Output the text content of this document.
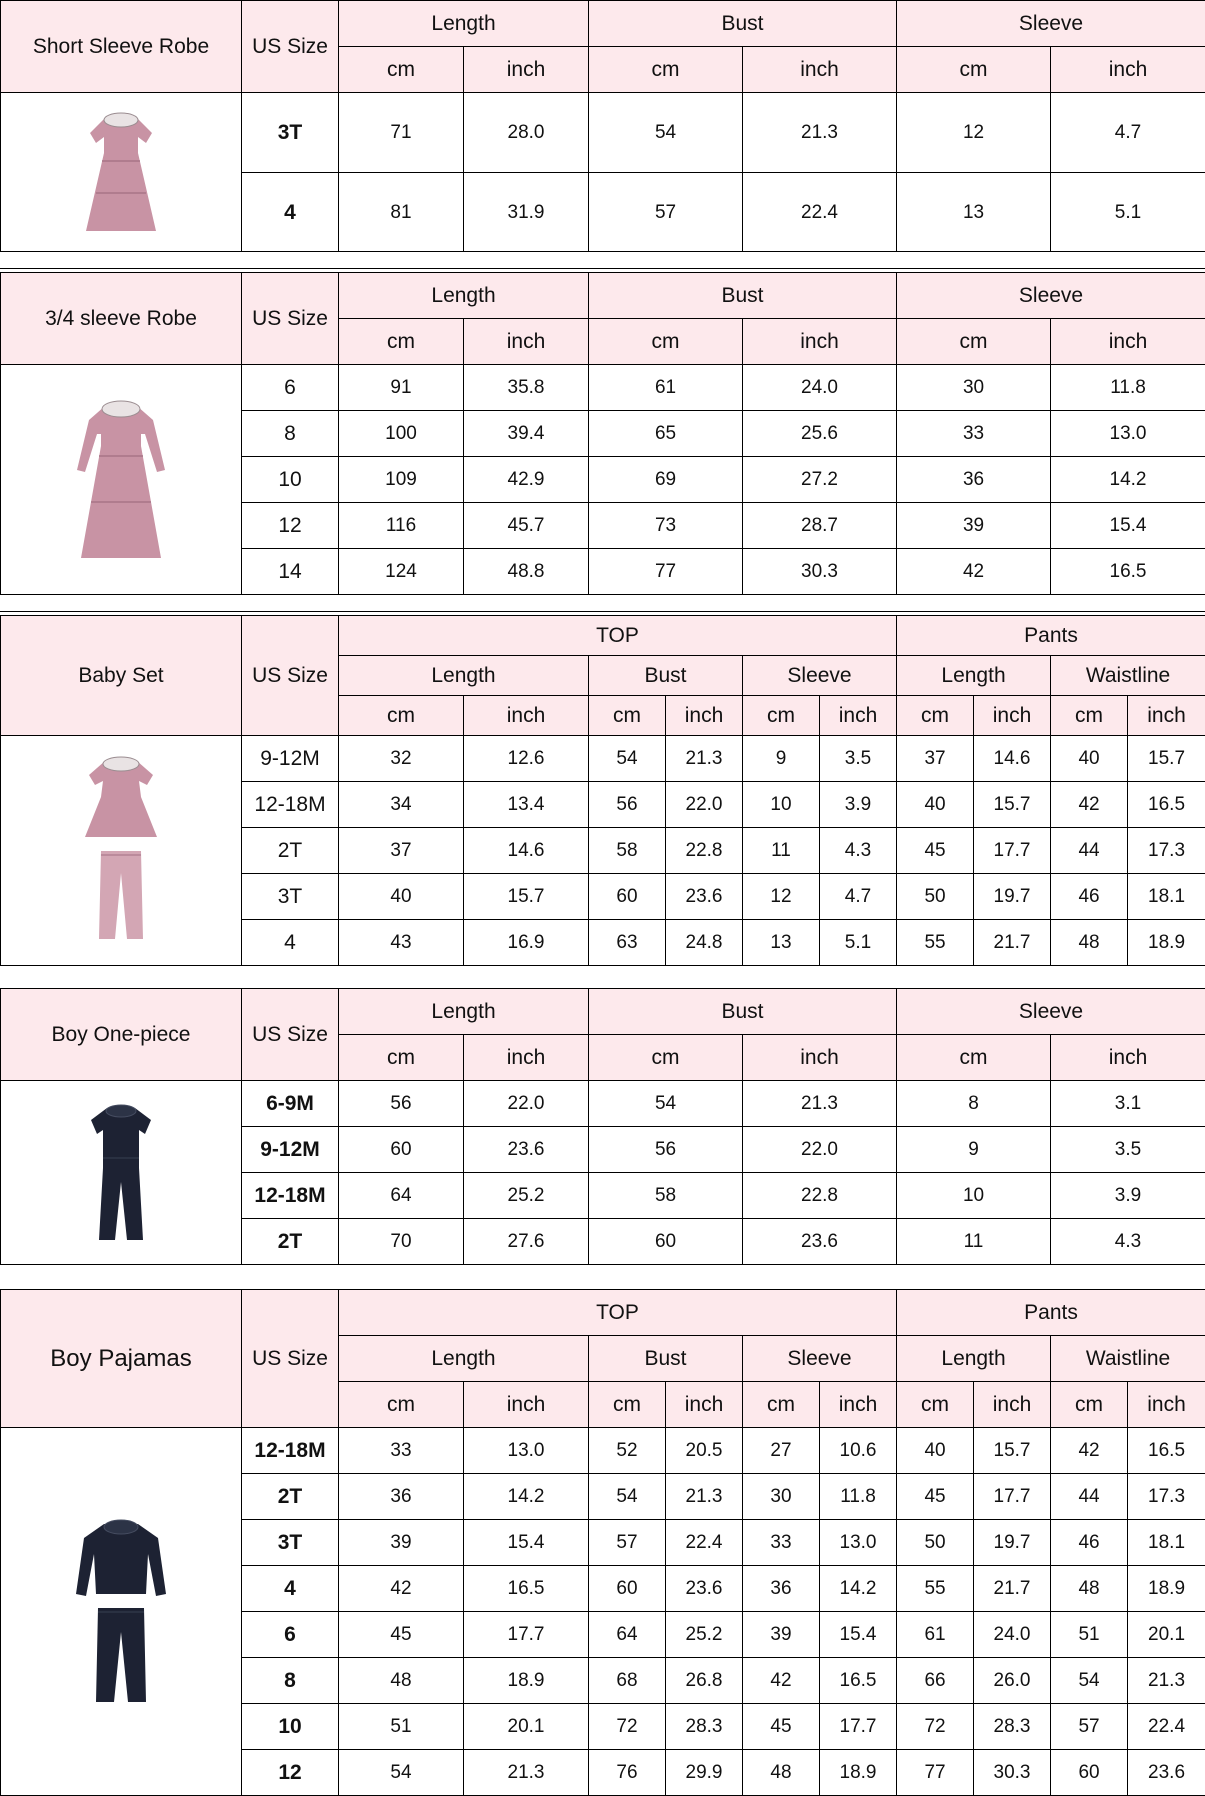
Short Sleeve Robe	US Size	Length		Bust		Sleeve	
		cm	inch	cm	inch	cm	inch

	3T	71	28.0	54	21.3	12	4.7
	4	81	31.9	57	22.4	13	5.1
3/4 sleeve Robe	US Size	Length		Bust		Sleeve	
		cm	inch	cm	inch	cm	inch

	6	91	35.8	61	24.0	30	11.8
	8	100	39.4	65	25.6	33	13.0
	10	109	42.9	69	27.2	36	14.2
	12	116	45.7	73	28.7	39	15.4
	14	124	48.8	77	30.3	42	16.5
Baby Set	US Size	TOP						Pants			
		Length		Bust		Sleeve		Length		Waistline	
		cm	inch	cm	inch	cm	inch	cm	inch	cm	inch

	9-12M	32	12.6	54	21.3	9	3.5	37	14.6	40	15.7
	12-18M	34	13.4	56	22.0	10	3.9	40	15.7	42	16.5
	2T	37	14.6	58	22.8	11	4.3	45	17.7	44	17.3
	3T	40	15.7	60	23.6	12	4.7	50	19.7	46	18.1
	4	43	16.9	63	24.8	13	5.1	55	21.7	48	18.9
Boy One-piece	US Size	Length		Bust		Sleeve	
		cm	inch	cm	inch	cm	inch

	6-9M	56	22.0	54	21.3	8	3.1
	9-12M	60	23.6	56	22.0	9	3.5
	12-18M	64	25.2	58	22.8	10	3.9
	2T	70	27.6	60	23.6	11	4.3
Boy Pajamas	US Size	TOP						Pants			
		Length		Bust		Sleeve		Length		Waistline	
		cm	inch	cm	inch	cm	inch	cm	inch	cm	inch

	12-18M	33	13.0	52	20.5	27	10.6	40	15.7	42	16.5
	2T	36	14.2	54	21.3	30	11.8	45	17.7	44	17.3
	3T	39	15.4	57	22.4	33	13.0	50	19.7	46	18.1
	4	42	16.5	60	23.6	36	14.2	55	21.7	48	18.9
	6	45	17.7	64	25.2	39	15.4	61	24.0	51	20.1
	8	48	18.9	68	26.8	42	16.5	66	26.0	54	21.3
	10	51	20.1	72	28.3	45	17.7	72	28.3	57	22.4
	12	54	21.3	76	29.9	48	18.9	77	30.3	60	23.6
